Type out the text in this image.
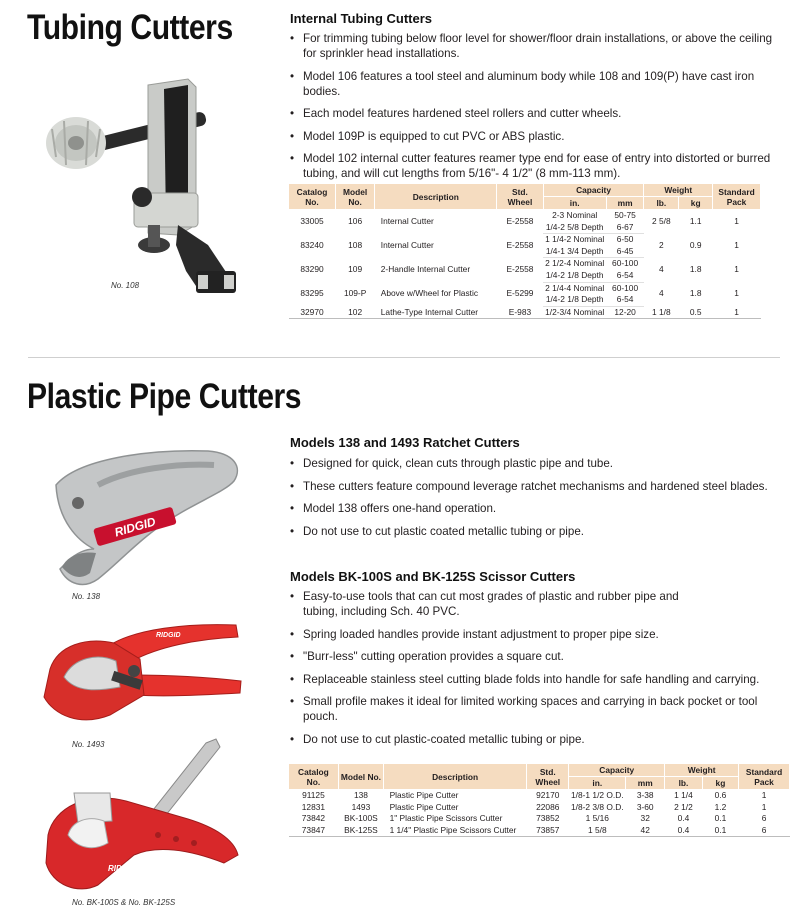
Tubing Cutters
No. 108
Internal Tubing Cutters
• For trimming tubing below floor level for shower/floor drain installations, or above the ceiling for sprinkler head installations.
• Model 106 features a tool steel and aluminum body while 108 and 109(P) have cast iron bodies.
• Each model features hardened steel rollers and cutter wheels.
• Model 109P is equipped to cut PVC or ABS plastic.
• Model 102 internal cutter features reamer type end for ease of entry into distorted or burred tubing, and will cut lengths from 5/16"- 4 1/2" (8 mm-113 mm).
Catalog No.	Model No.	Description	Std. Wheel	Capacity		Weight		Standard Pack
				in.	mm	lb.	kg	
33005	106	Internal Cutter	E-2558	2-3 Nominal	50-75	2 5/8	1.1	1
				1/4-2 5/8 Depth	6-67			
83240	108	Internal Cutter	E-2558	1 1/4-2 Nominal	6-50	2	0.9	1
				1/4-1 3/4 Depth	6-45			
83290	109	2-Handle Internal Cutter	E-2558	2 1/2-4 Nominal	60-100	4	1.8	1
				1/4-2 1/8 Depth	6-54			
83295	109-P	Above w/Wheel for Plastic	E-5299	2 1/4-4 Nominal	60-100	4	1.8	1
				1/4-2 1/8 Depth	6-54			
32970	102	Lathe-Type Internal Cutter	E-983	1/2-3/4 Nominal	12-20	1 1/8	0.5	1
Plastic Pipe Cutters
RIDGID
No. 138
RIDGID
No. 1493
RIDGID
No. BK-100S & No. BK-125S
Models 138 and 1493 Ratchet Cutters
• Designed for quick, clean cuts through plastic pipe and tube.
• These cutters feature compound leverage ratchet mechanisms and hardened steel blades.
• Model 138 offers one-hand operation.
• Do not use to cut plastic coated metallic tubing or pipe.
Models BK-100S and BK-125S Scissor Cutters
• Easy-to-use tools that can cut most grades of plastic and rubber pipe and tubing, including Sch. 40 PVC.
• Spring loaded handles provide instant adjustment to proper pipe size.
• "Burr-less" cutting operation provides a square cut.
• Replaceable stainless steel cutting blade folds into handle for safe handling and carrying.
• Small profile makes it ideal for limited working spaces and carrying in back pocket or tool pouch.
• Do not use to cut plastic-coated metallic tubing or pipe.
Catalog No.	Model No.	Description	Std. Wheel	Capacity		Weight		Standard Pack
				in.	mm	lb.	kg	
91125	138	Plastic Pipe Cutter	92170	1/8-1 1/2 O.D.	3-38	1 1/4	0.6	1
12831	1493	Plastic Pipe Cutter	22086	1/8-2 3/8 O.D.	3-60	2 1/2	1.2	1
73842	BK-100S	1" Plastic Pipe Scissors Cutter	73852	1 5/16	32	0.4	0.1	6
73847	BK-125S	1 1/4" Plastic Pipe Scissors Cutter	73857	1 5/8	42	0.4	0.1	6
